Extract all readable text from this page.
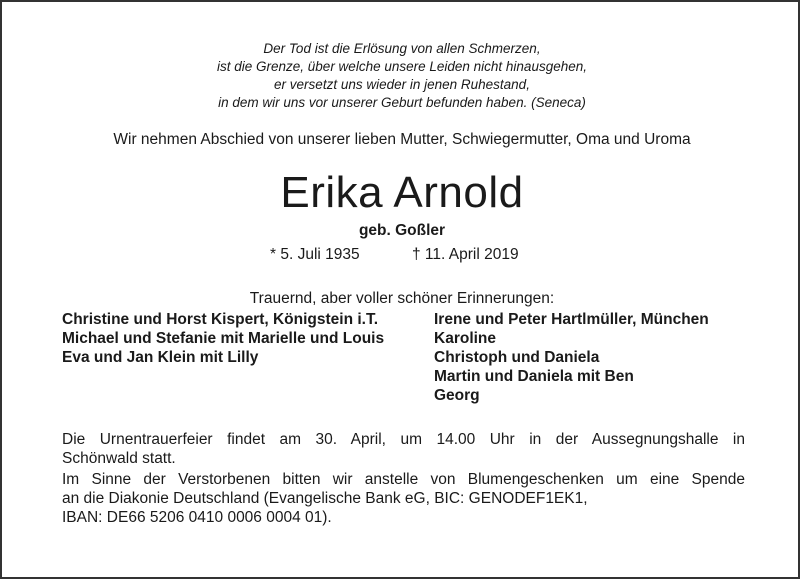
Der Tod ist die Erlösung von allen Schmerzen,
ist die Grenze, über welche unsere Leiden nicht hinausgehen,
er versetzt uns wieder in jenen Ruhestand,
in dem wir uns vor unserer Geburt befunden haben. (Seneca)
Wir nehmen Abschied von unserer lieben Mutter, Schwiegermutter, Oma und Uroma
Erika Arnold
geb. Goßler
* 5. Juli 1935	† 11. April 2019
Trauernd, aber voller schöner Erinnerungen:
Christine und Horst Kispert, Königstein i.T.
Michael und Stefanie mit Marielle und Louis
Eva und Jan Klein mit Lilly
Irene und Peter Hartlmüller, München
Karoline
Christoph und Daniela
Martin und Daniela mit Ben
Georg
Die Urnentrauerfeier findet am 30. April, um 14.00 Uhr in der Aussegnungshalle in
Schönwald statt.
Im Sinne der Verstorbenen bitten wir anstelle von Blumengeschenken um eine Spende
an die Diakonie Deutschland (Evangelische Bank eG, BIC: GENODEF1EK1,
IBAN: DE66 5206 0410 0006 0004 01).
